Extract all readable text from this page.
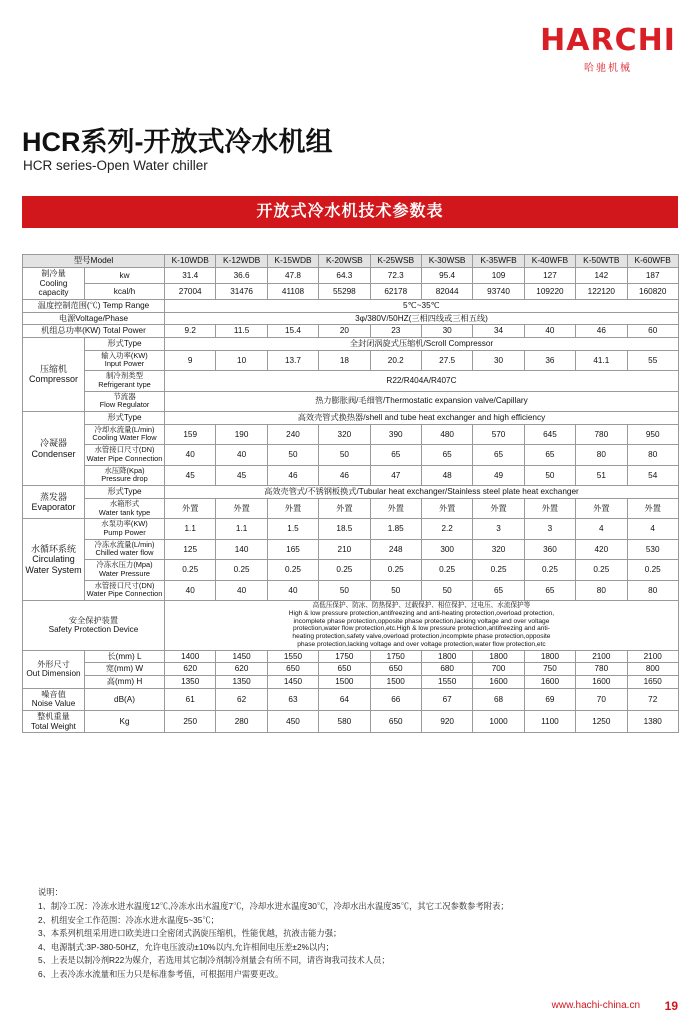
HARCHI
哈驰机械
HCR系列-开放式冷水机组
HCR series-Open Water chiller
开放式冷水机技术参数表
型号Model		K-10WDB	K-12WDB	K-15WDB	K-20WSB	K-25WSB	K-30WSB	K-35WFB	K-40WFB	K-50WTB	K-60WFB
制冷量
Cooling capacity	kw	31.4	36.6	47.8	64.3	72.3	95.4	109	127	142	187
	kcal/h	27004	31476	41108	55298	62178	82044	93740	109220	122120	160820
温度控制范围(℃) Temp Range		5℃~35℃									
电源Voltage/Phase		3φ/380V/50HZ(三相四线或三相五线)									
机组总功率(KW) Total Power		9.2	11.5	15.4	20	23	30	34	40	46	60
压缩机
Compressor	形式Type	全封闭涡旋式压缩机/Scroll Compressor									
	输入功率(KW)
Input Power	9	10	13.7	18	20.2	27.5	30	36	41.1	55
	制冷剂类型
Refrigerant type	R22/R404A/R407C									
	节流器
Flow Regulator	热力膨胀阀/毛细管/Thermostatic expansion valve/Capillary									
冷凝器
Condenser	形式Type	高效壳管式换热器/shell and tube heat exchanger and high efficiency									
	冷却水流量(L/min)
Cooling Water Flow	159	190	240	320	390	480	570	645	780	950
	水管接口尺寸(DN)
Water Pipe Connection	40	40	50	50	65	65	65	65	80	80
	水压降(Kpa)
Pressure drop	45	45	46	46	47	48	49	50	51	54
蒸发器
Evaporator	形式Type	高效壳管式/不锈钢板换式/Tubular heat exchanger/Stainless steel plate heat exchanger									
	水箱形式
Water tank type	外置	外置	外置	外置	外置	外置	外置	外置	外置	外置
水循环系统
Circulating
Water System	水泵功率(KW)
Pump Power	1.1	1.1	1.5	18.5	1.85	2.2	3	3	4	4
	冷冻水流量(L/min)
Chilled water flow	125	140	165	210	248	300	320	360	420	530
	冷冻水压力(Mpa)
Water Pressure	0.25	0.25	0.25	0.25	0.25	0.25	0.25	0.25	0.25	0.25
	水管接口尺寸(DN)
Water Pipe Connection	40	40	40	50	50	50	65	65	80	80
安全保护装置
Safety Protection Device	高低压保护、防冰、防热保护、过载保护、相位保护、过电压、水流保护等
High & low pressure protection,antifreezing and anti-heating protection,overload protection,
incomplete phase protection,opposite phase protection,lacking voltage and over voltage
protection,water flow protection,etc.High & low pressure protection,antifreezing and anti-
heating protection,safety valve,overload protection,incomplete phase protection,opposite
phase protection,lacking voltage and over voltage protection,water flow protection,etc
外形尺寸
Out Dimension	长(mm) L	1400	1450	1550	1750	1750	1800	1800	1800	2100	2100
	宽(mm) W	620	620	650	650	650	680	700	750	780	800
	高(mm) H	1350	1350	1450	1500	1500	1550	1600	1600	1600	1650
噪音值
Noise Value	dB(A)	61	62	63	64	66	67	68	69	70	72
整机重量
Total Weight	Kg	250	280	450	580	650	920	1000	1100	1250	1380
说明：
1、制冷工况：冷冻水进水温度12℃,冷冻水出水温度7℃，冷却水进水温度30℃，冷却水出水温度35℃，其它工况参数参考附表；
2、机组安全工作范围：冷冻水进水温度5~35℃；
3、本系列机组采用进口欧美进口全密闭式涡旋压缩机，性能优越，抗液击能力强；
4、电源制式:3P-380-50HZ，允许电压波动±10%以内,允许相间电压差±2%以内；
5、上表是以制冷剂R22为媒介，若选用其它制冷剂制冷剂量会有所不同，请咨询我司技术人员；
6、上表冷冻水流量和压力只是标准参考值，可根据用户需要更改。
www.hachi-china.cn 19
